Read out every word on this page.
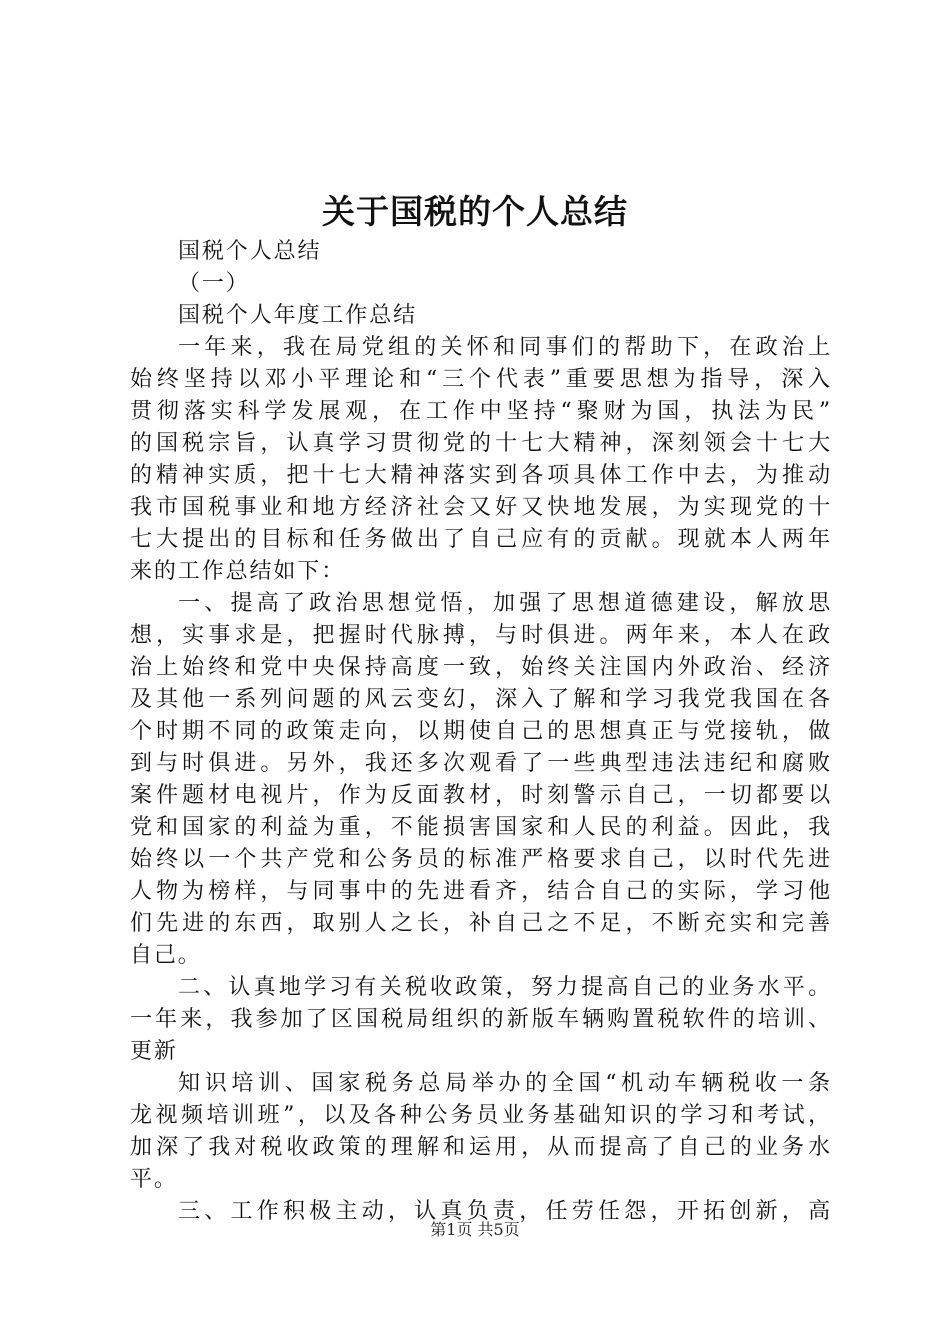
关于国税的个人总结
国税个人总结
（一）
国税个人年度工作总结
一年来，我在局党组的关怀和同事们的帮助下，在政治上
始终坚持以邓小平理论和“三个代表”重要思想为指导，深入
贯彻落实科学发展观，在工作中坚持“聚财为国，执法为民”
的国税宗旨，认真学习贯彻党的十七大精神，深刻领会十七大
的精神实质，把十七大精神落实到各项具体工作中去，为推动
我市国税事业和地方经济社会又好又快地发展，为实现党的十
七大提出的目标和任务做出了自己应有的贡献。现就本人两年
来的工作总结如下：
一、提高了政治思想觉悟，加强了思想道德建设，解放思
想，实事求是，把握时代脉搏，与时俱进。两年来，本人在政
治上始终和党中央保持高度一致，始终关注国内外政治、经济
及其他一系列问题的风云变幻，深入了解和学习我党我国在各
个时期不同的政策走向，以期使自己的思想真正与党接轨，做
到与时俱进。另外，我还多次观看了一些典型违法违纪和腐败
案件题材电视片，作为反面教材，时刻警示自己，一切都要以
党和国家的利益为重，不能损害国家和人民的利益。因此，我
始终以一个共产党和公务员的标准严格要求自己，以时代先进
人物为榜样，与同事中的先进看齐，结合自己的实际，学习他
们先进的东西，取别人之长，补自己之不足，不断充实和完善
自己。
二、认真地学习有关税收政策，努力提高自己的业务水平。
一年来，我参加了区国税局组织的新版车辆购置税软件的培训、
更新
知识培训、国家税务总局举办的全国“机动车辆税收一条
龙视频培训班”，以及各种公务员业务基础知识的学习和考试，
加深了我对税收政策的理解和运用，从而提高了自己的业务水
平。
三、工作积极主动，认真负责，任劳任怨，开拓创新，高
第1页 共5页
